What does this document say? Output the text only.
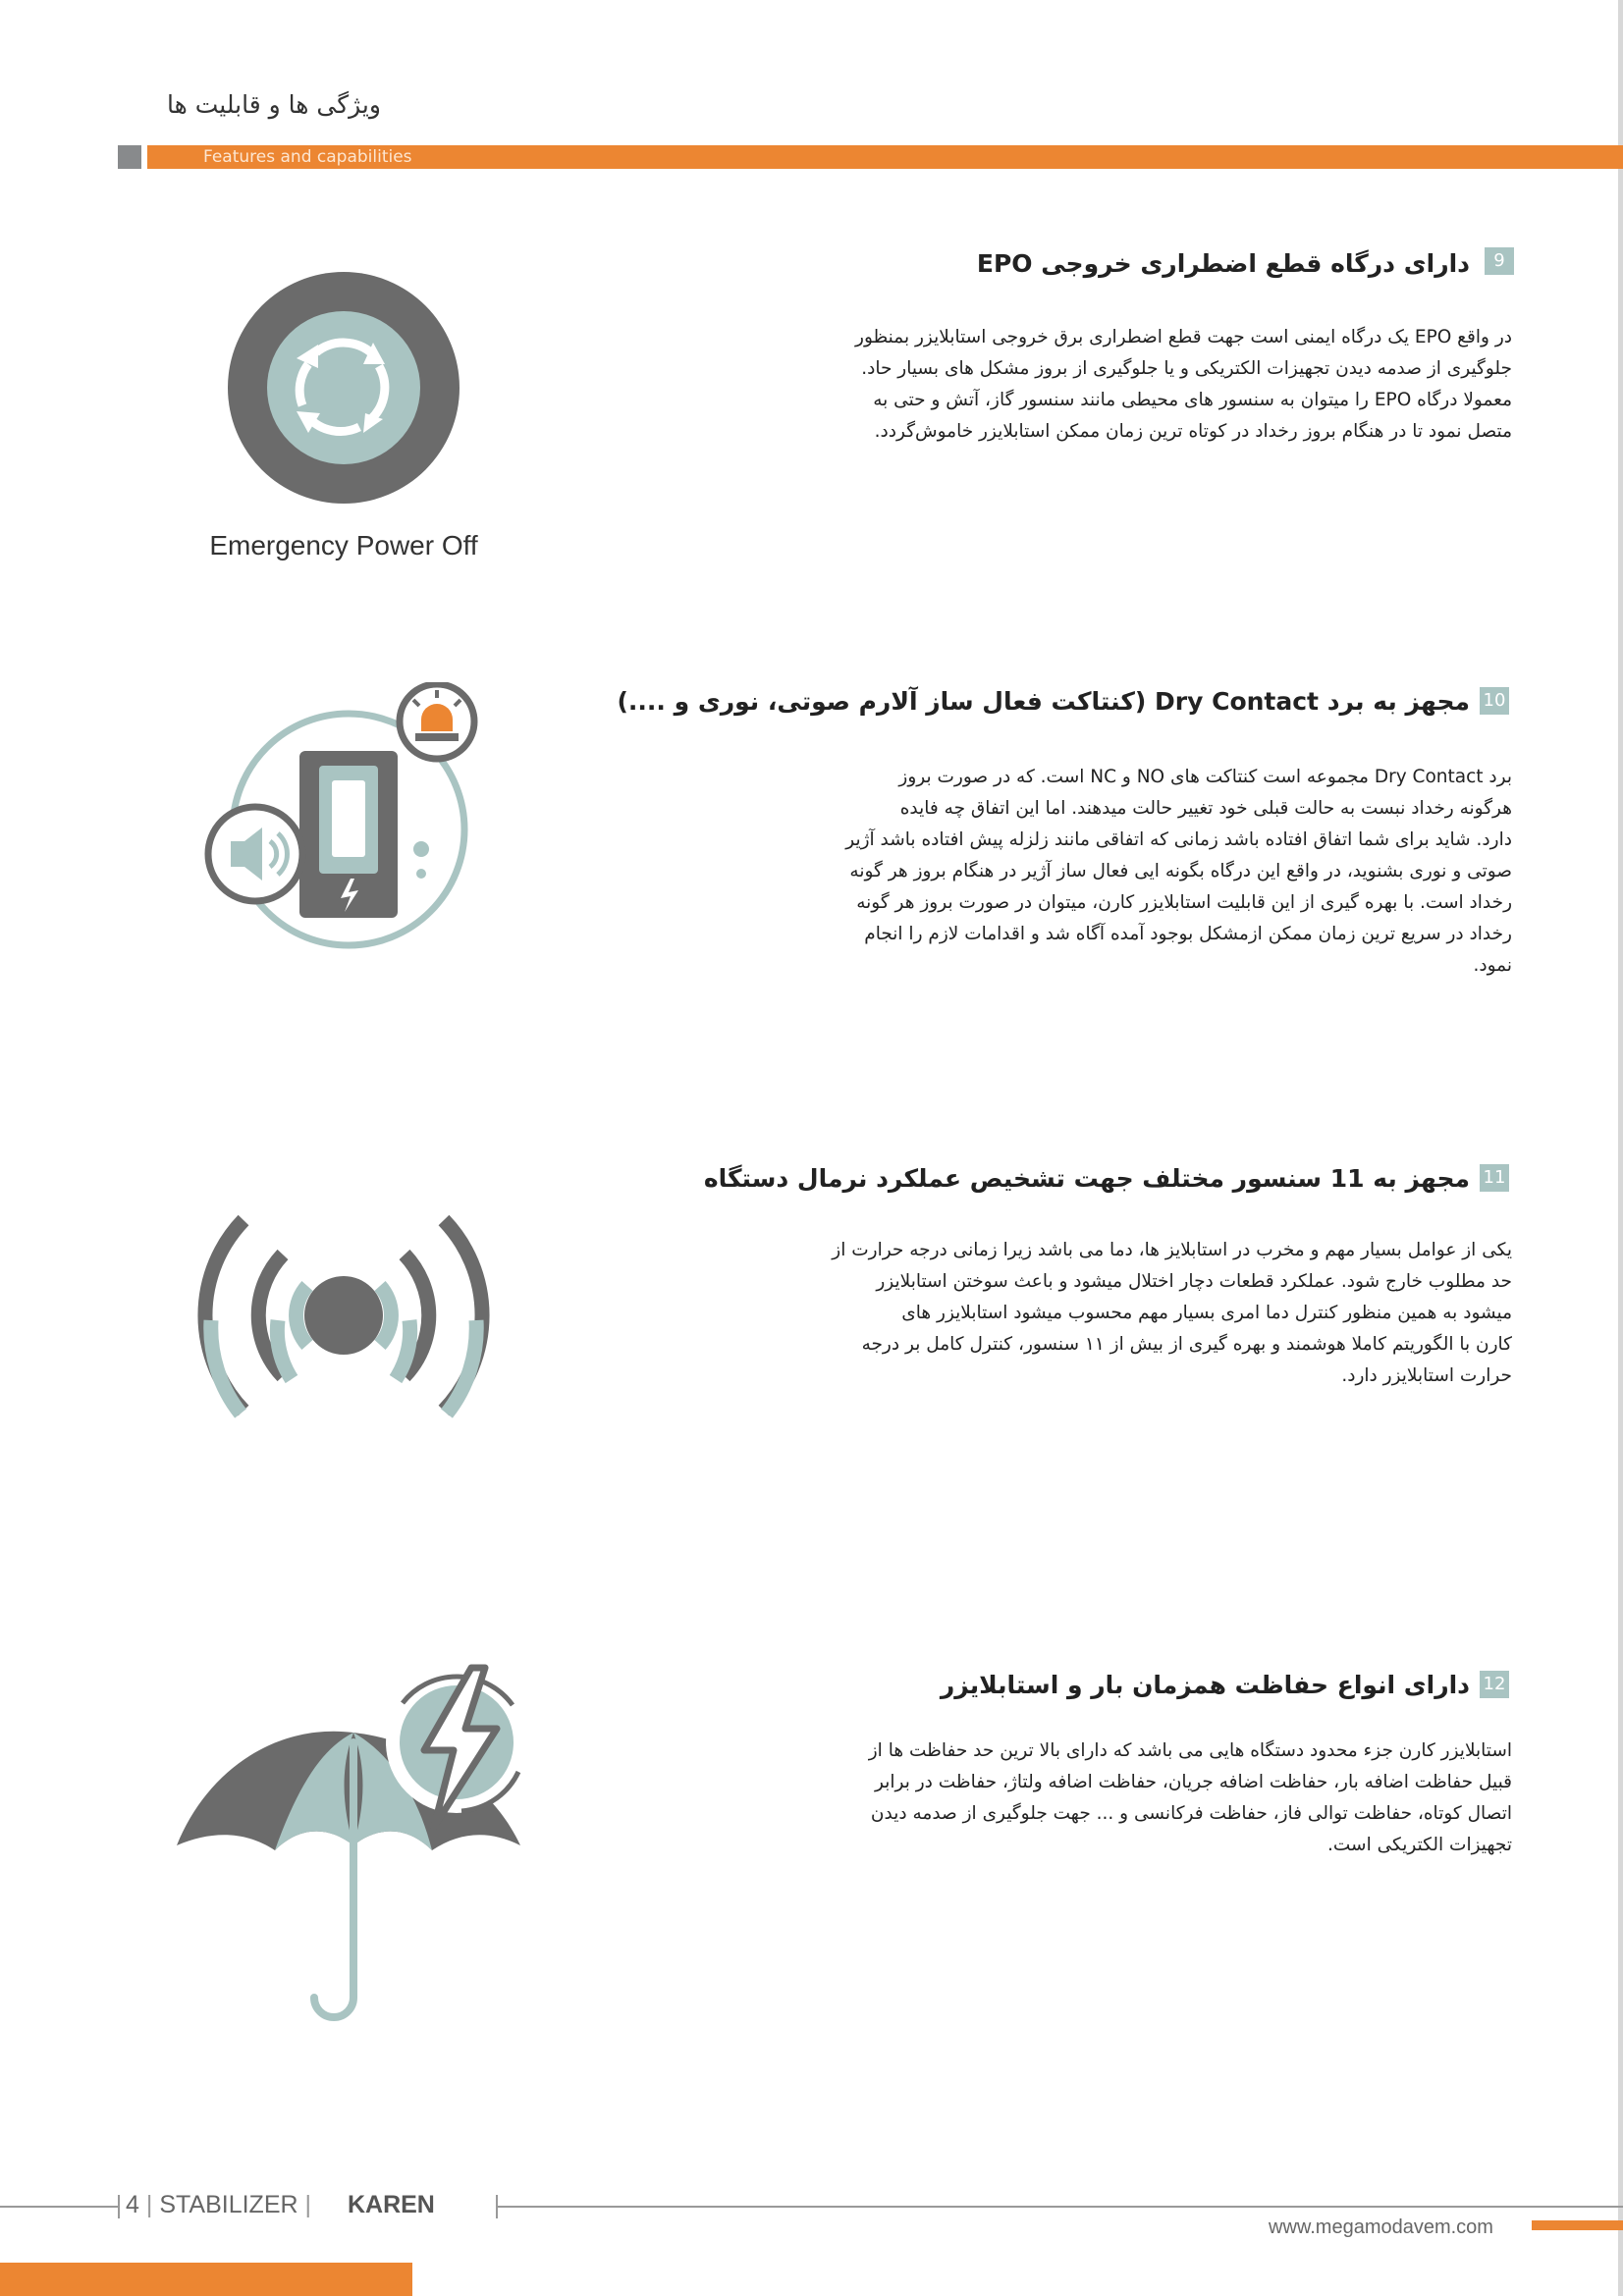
ویژگی ها و قابلیت ها
Features and capabilities
9
دارای درگاه قطع اضطراری خروجی EPO

در واقع EPO یک درگاه ایمنی است جهت قطع اضطراری برق خروجی استابلایزر بمنظور

جلوگیری از صدمه دیدن تجهیزات الکتریکی و یا جلوگیری از بروز مشکل های بسیار حاد.

معمولا درگاه EPO را میتوان به سنسور های محیطی مانند سنسور گاز، آتش و حتی به

متصل نمود تا در هنگام بروز رخداد در کوتاه ترین زمان ممکن استابلایزر خاموش‌گردد.

Emergency Power Off
10
مجهز به برد Dry Contact (کنتاکت فعال ساز آلارم صوتی، نوری و ....)

برد Dry Contact مجموعه است کنتاکت های NO و NC است. که در صورت بروز

هرگونه رخداد نبست به حالت قبلی خود تغییر حالت میدهند. اما این اتفاق چه فایده

دارد. شاید برای شما اتفاق افتاده باشد زمانی که اتفاقی مانند زلزله پیش افتاده باشد آژیر

صوتی و نوری بشنوید، در واقع این درگاه بگونه ایی فعال ساز آژیر در هنگام بروز هر گونه

رخداد است. با بهره گیری از این قابلیت استابلایزر کارن، میتوان در صورت بروز هر گونه

رخداد در سریع ترین زمان ممکن ازمشکل بوجود آمده آگاه شد و اقدامات لازم را انجام

نمود.

11
مجهز به 11 سنسور مختلف جهت تشخیص عملکرد نرمال دستگاه

یکی از عوامل بسیار مهم و مخرب در استابلایز ها، دما می باشد زیرا زمانی درجه حرارت از

حد مطلوب خارج شود. عملکرد قطعات دچار اختلال میشود و باعث سوختن استابلایزر

میشود به همین منظور کنترل دما امری بسیار مهم محسوب میشود استابلایزر های

کارن با الگوریتم کاملا هوشمند و بهره گیری از بیش از ۱۱ سنسور، کنترل کامل بر درجه

حرارت استابلایزر دارد.

12
دارای انواع حفاظت همزمان بار و استابلایزر

استابلایزر کارن جزء محدود دستگاه هایی می باشد که دارای بالا ترین حد حفاظت ها از

قبیل حفاظت اضافه بار، حفاظت اضافه جریان، حفاظت اضافه ولتاژ، حفاظت در برابر

اتصال کوتاه، حفاظت توالی فاز، حفاظت فرکانسی و ... جهت جلوگیری از صدمه دیدن

تجهیزات الکتریکی است.

4 | STABILIZER | KAREN
www.megamodavem.com
